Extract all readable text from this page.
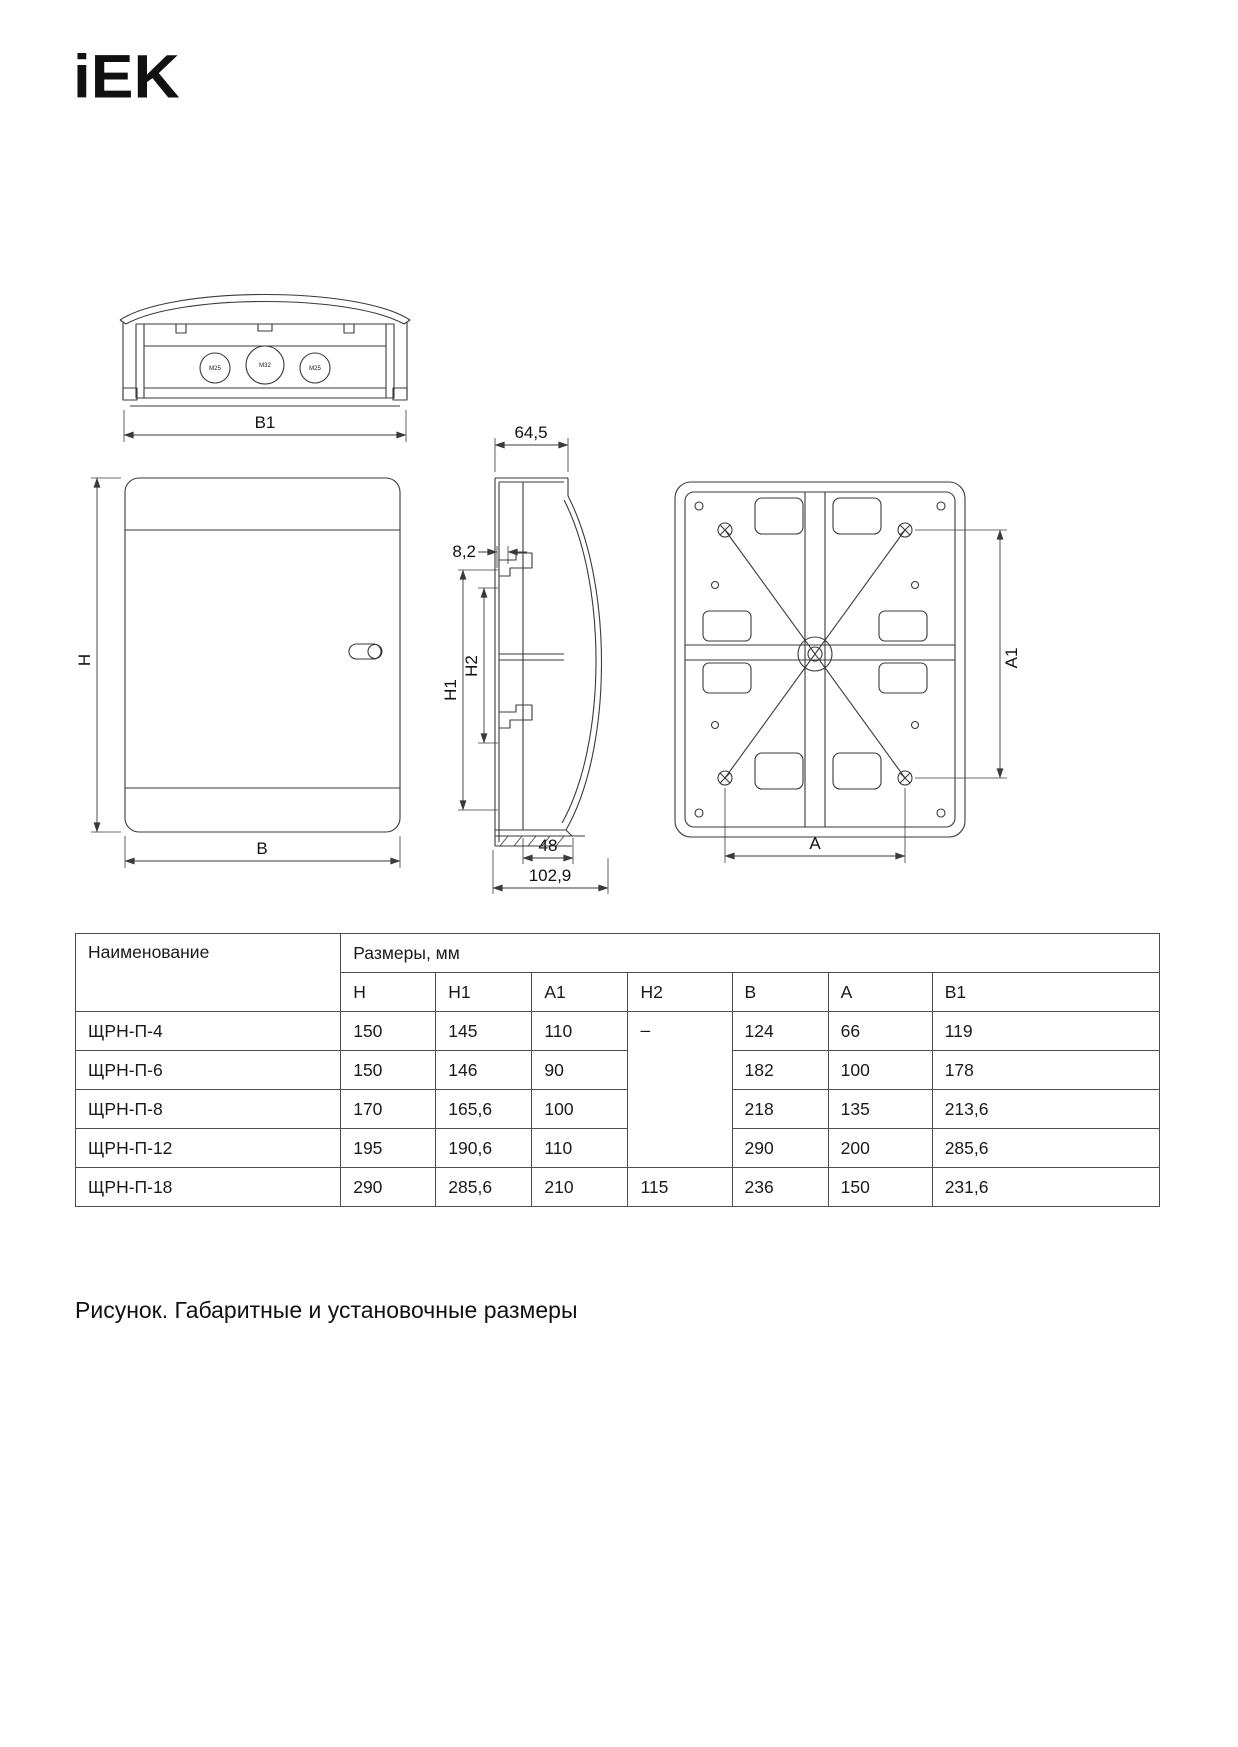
iEK
M25	M32	M25
B1
H
B
64,5
8,2
H1
H2
48
102,9
A1
A
Наименование	Размеры, мм						
	H	H1	A1	H2	B	A	B1
ЩРН-П-4	150	145	110	–	124	66	119
ЩРН-П-6	150	146	90		182	100	178
ЩРН-П-8	170	165,6	100		218	135	213,6
ЩРН-П-12	195	190,6	110		290	200	285,6
ЩРН-П-18	290	285,6	210	115	236	150	231,6
Рисунок. Габаритные и установочные размеры
